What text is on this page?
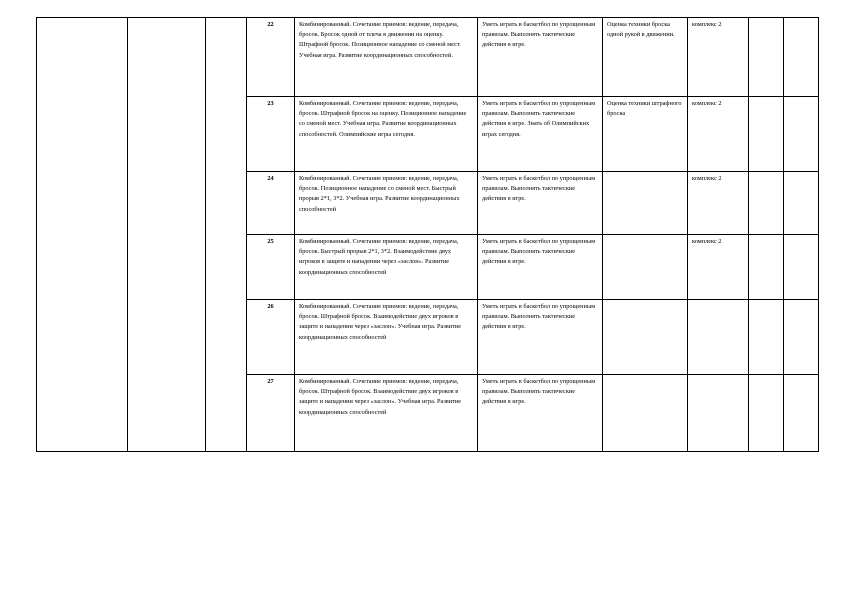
			22	Комбинированный. Сочетание приемов: ведение, передача, бросок. Бросок одной от плеча в движении на оценку. Штрафной бросок. Позиционное нападение со сменой мест. Учебная игра. Развитие координационных способностей.	Уметь играть в баскетбол по упрощенным правилам. Выполнять тактические действия в игре.	Оценка техники броска одной рукой в движении.	комплекс 2		
			23	Комбинированный. Сочетание приемов: ведение, передача, бросок. Штрафной бросок на оценку. Позиционное нападение со сменой мест. Учебная игра. Развитие координационных способностей. Олимпийские игры сегодня.	Уметь играть в баскетбол по упрощенным правилам. Выполнять тактические действия в игре. Знать об Олимпийских играх сегодня.	Оценка техники штрафного броска	комплекс 2		
			24	Комбинированный. Сочетание приемов: ведение, передача, бросок. Позиционное нападение со сменой мест. Быстрый прорыв 2*1, 3*2. Учебная игра. Развитие координационных способностей	Уметь играть в баскетбол по упрощенным правилам. Выполнять тактические действия в игре.		комплекс 2		
			25	Комбинированный. Сочетание приемов: ведение, передача, бросок. Быстрый прорыв 2*1, 3*2. Взаимодействие двух игроков в защите и нападении через «заслон». Развитие координационных способностей	Уметь играть в баскетбол по упрощенным правилам. Выполнять тактические действия в игре.		комплекс 2		
			26	Комбинированный. Сочетание приемов: ведение, передача, бросок. Штрафной бросок. Взаимодействие двух игроков в защите и нападении через «заслон». Учебная игра. Развитие координационных способностей	Уметь играть в баскетбол по упрощенным правилам. Выполнять тактические действия в игре.				
			27	Комбинированный. Сочетание приемов: ведение, передача, бросок. Штрафной бросок. Взаимодействие двух игроков в защите и нападении через «заслон». Учебная игра. Развитие координационных способностей	Уметь играть в баскетбол по упрощенным правилам. Выполнять тактические действия в игре.				
